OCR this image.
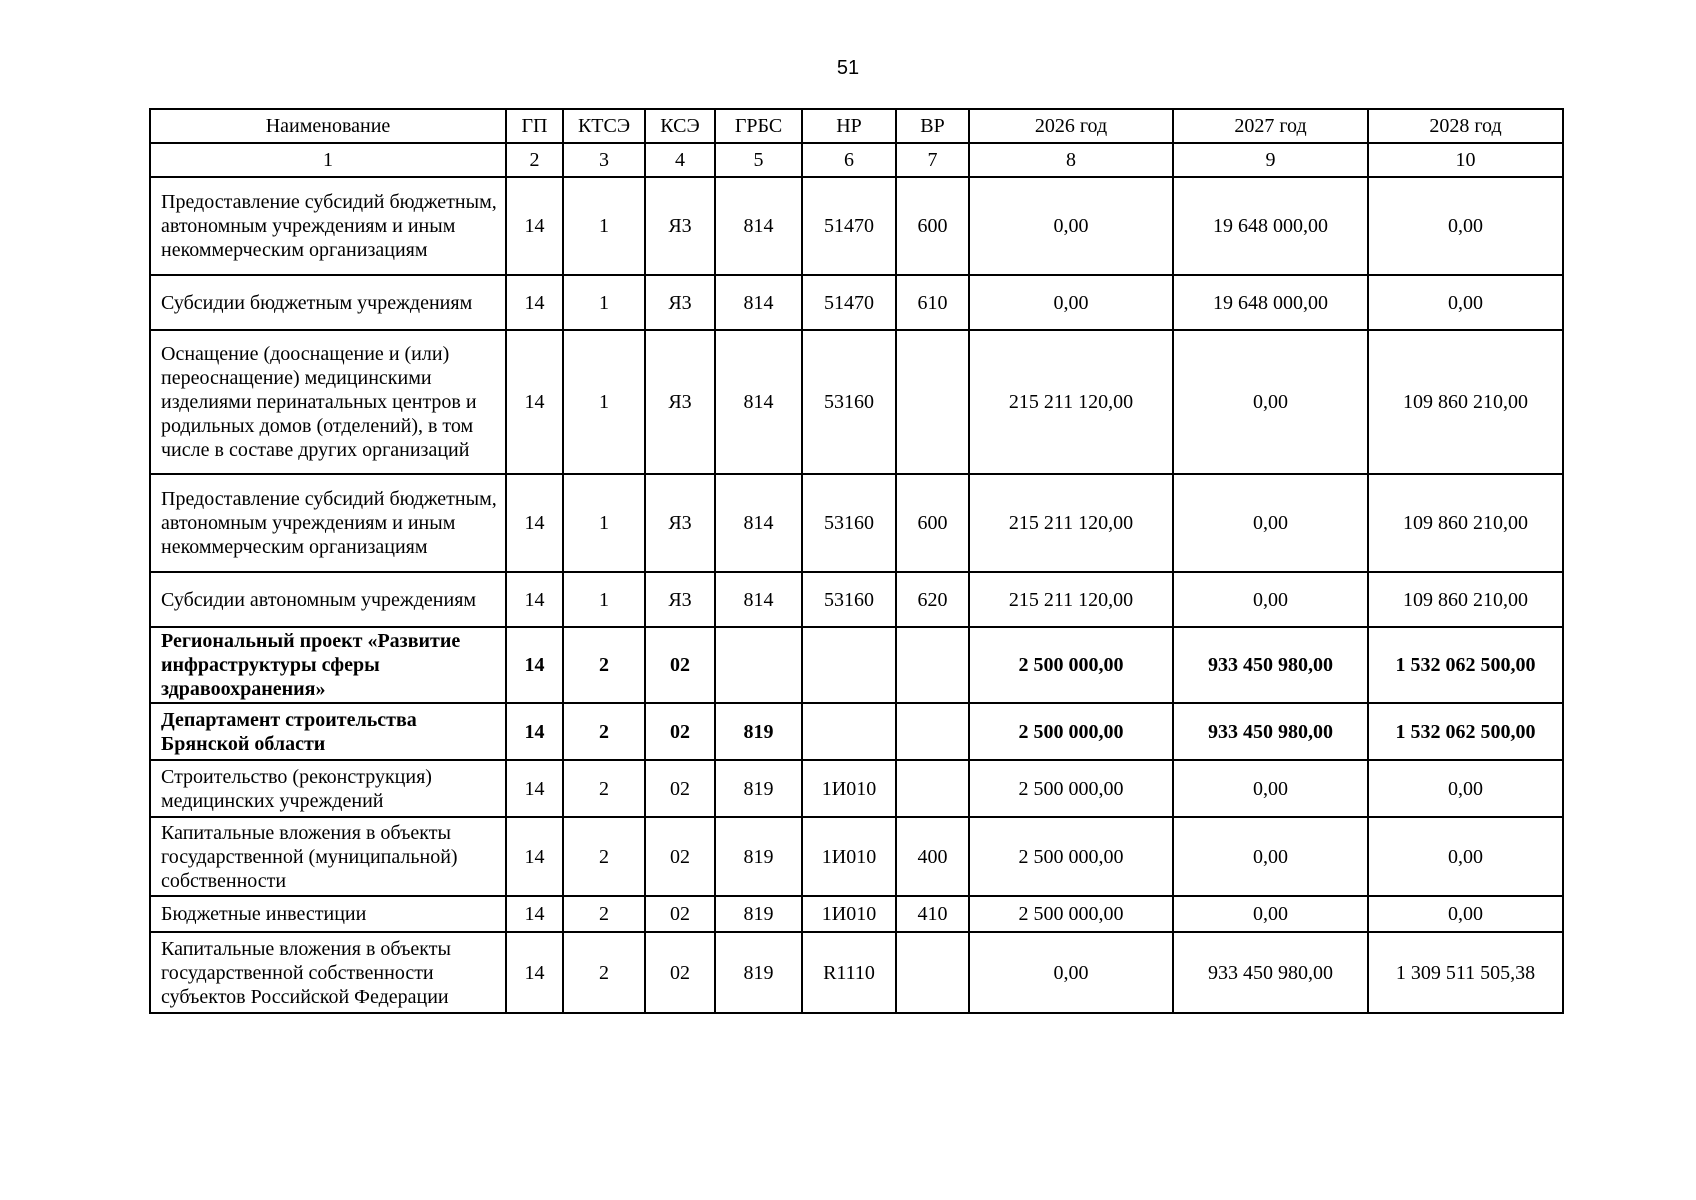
51
Наименование	ГП	КТСЭ	КСЭ	ГРБС	НР	ВР	2026 год	2027 год	2028 год
1	2	3	4	5	6	7	8	9	10
Предоставление субсидий бюджетным, автономным учреждениям и иным некоммерческим организациям	14	1	Я3	814	51470	600	0,00	19 648 000,00	0,00
Субсидии бюджетным учреждениям	14	1	Я3	814	51470	610	0,00	19 648 000,00	0,00
Оснащение (дооснащение и (или) переоснащение) медицинскими изделиями перинатальных центров и родильных домов (отделений), в том числе в составе других организаций	14	1	Я3	814	53160		215 211 120,00	0,00	109 860 210,00
Предоставление субсидий бюджетным, автономным учреждениям и иным некоммерческим организациям	14	1	Я3	814	53160	600	215 211 120,00	0,00	109 860 210,00
Субсидии автономным учреждениям	14	1	Я3	814	53160	620	215 211 120,00	0,00	109 860 210,00
Региональный проект «Развитие инфраструктуры сферы здравоохранения»	14	2	02				2 500 000,00	933 450 980,00	1 532 062 500,00
Департамент строительства Брянской области	14	2	02	819			2 500 000,00	933 450 980,00	1 532 062 500,00
Строительство (реконструкция) медицинских учреждений	14	2	02	819	1И010		2 500 000,00	0,00	0,00
Капитальные вложения в объекты государственной (муниципальной) собственности	14	2	02	819	1И010	400	2 500 000,00	0,00	0,00
Бюджетные инвестиции	14	2	02	819	1И010	410	2 500 000,00	0,00	0,00
Капитальные вложения в объекты государственной собственности субъектов Российской Федерации	14	2	02	819	R1110		0,00	933 450 980,00	1 309 511 505,38
